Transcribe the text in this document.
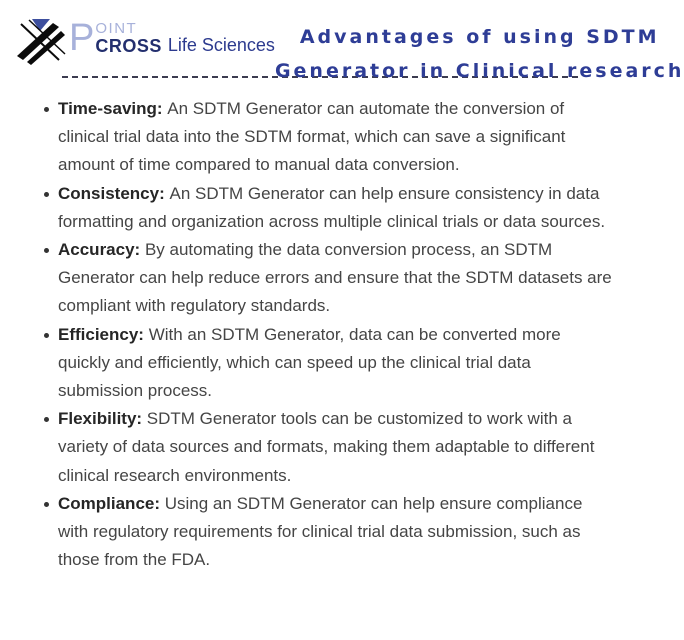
P OINT
CROSS Life Sciences	Advantages of using SDTM
Generator in Clinical research
Time-saving: An SDTM Generator can automate the conversion of clinical trial data into the SDTM format, which can save a significant amount of time compared to manual data conversion.
Consistency: An SDTM Generator can help ensure consistency in data formatting and organization across multiple clinical trials or data sources.
Accuracy: By automating the data conversion process, an SDTM Generator can help reduce errors and ensure that the SDTM datasets are compliant with regulatory standards.
Efficiency: With an SDTM Generator, data can be converted more quickly and efficiently, which can speed up the clinical trial data submission process.
Flexibility: SDTM Generator tools can be customized to work with a variety of data sources and formats, making them adaptable to different clinical research environments.
Compliance: Using an SDTM Generator can help ensure compliance with regulatory requirements for clinical trial data submission, such as those from the FDA.
